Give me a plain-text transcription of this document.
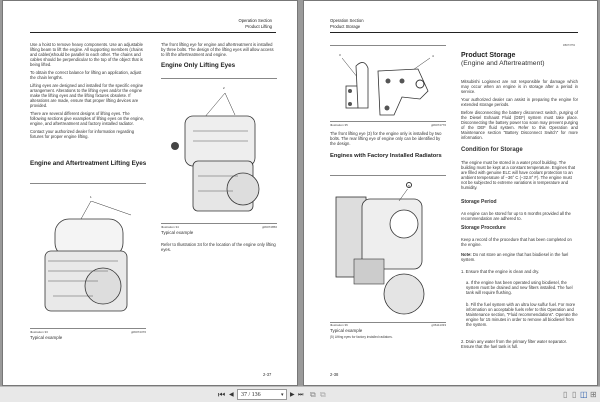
Operation Section
Product Lifting

Use a hoist to remove heavy components. Use an adjustable lifting beam to lift the engine. All supporting members (chains and cables)should be parallel to each other. The chains and cables should be perpendicular to the top of the object that is being lifted.

To obtain the correct balance for lifting an application, adjust the chain lengths.

Lifting eyes are designed and installed for the specific engine arrangement. Alterations to the lifting eyes and/or the engine make the lifting eyes and the lifting fixtures obsolete. If alterations are made, ensure that proper lifting devices are provided.

There are several different designs of lifting eyes. The following sections give examples of lifting eyes on the engine, engine, and aftertreatment and factory installed radiator.

Contact your authorized dealer for information regarding fixtures for proper engine lifting.

Engine and Aftertreatment Lifting Eyes
1
Illustration 33	g06074376
Typical example
The front lifting eye for engine and aftertreatment is installed by three bolts. The design of the lifting eyes will allow access to lift the aftertreatment and engine.
Engine Only Lifting Eyes
2
Illustration 34	g06074856
Typical example
Refer to Illustration 34 for the location of the engine only lifting eyes.
2-37
Operation Section
Product Storage
3	4
Illustration 35	g06074776
The front lifting eye (3) for the engine only is installed by two bolts. The rear lifting eye of engine only can be identified by the design.
Engines with Factory Installed Radiators
5
Illustration 36	g06111333
Typical example
(5) Lifting eyes for factory installed radiators.
2-38
i08073753
Product Storage
(Engine and Aftertreatment)

Mitsubishi Logisnext are not responsible for damage which may occur when an engine is in storage after a period in service.

Your authorized dealer can assist in preparing the engine for extended storage periods.

Before disconnecting the battery disconnect switch, purging of the Diesel Exhaust Fluid (DEF) system must take place. Disconnecting the battery power too soon may prevent purging of the DEF fluid system. Refer to this Operation and Maintenance section "Battery Disconnect Switch" for more information.

Condition for Storage
The engine must be stored in a water proof building. The building must be kept at a constant temperature. Engines that are filled with genuine ELC will have coolant protection to an ambient temperature of −36° C (−32.8° F). The engine must not be subjected to extreme variations in temperature and humidity.
Storage Period
An engine can be stored for up to 6 months provided all the recommendation are adhered to.
Storage Procedure
Keep a record of the procedure that has been completed on the engine.
Note: Do not store an engine that has biodiesel in the fuel system.
1. Ensure that the engine is clean and dry.
a. If the engine has been operated using biodiesel, the system must be drained and new filters installed. The fuel tank will require flushing.
b. Fill the fuel system with an ultra low sulfur fuel. For more information on acceptable fuels refer to this Operation and Maintenance section, "Fluid recommendations". Operate the engine for 15 minutes in order to remove all biodiesel from the system.
2. Drain any water from the primary filter water separator. Ensure that the fuel tank is full.
⏮ ◀	37 / 136	▾ ▶ ⏭ ⧉ ⧉	▯ ▯ ◫ ⊞
